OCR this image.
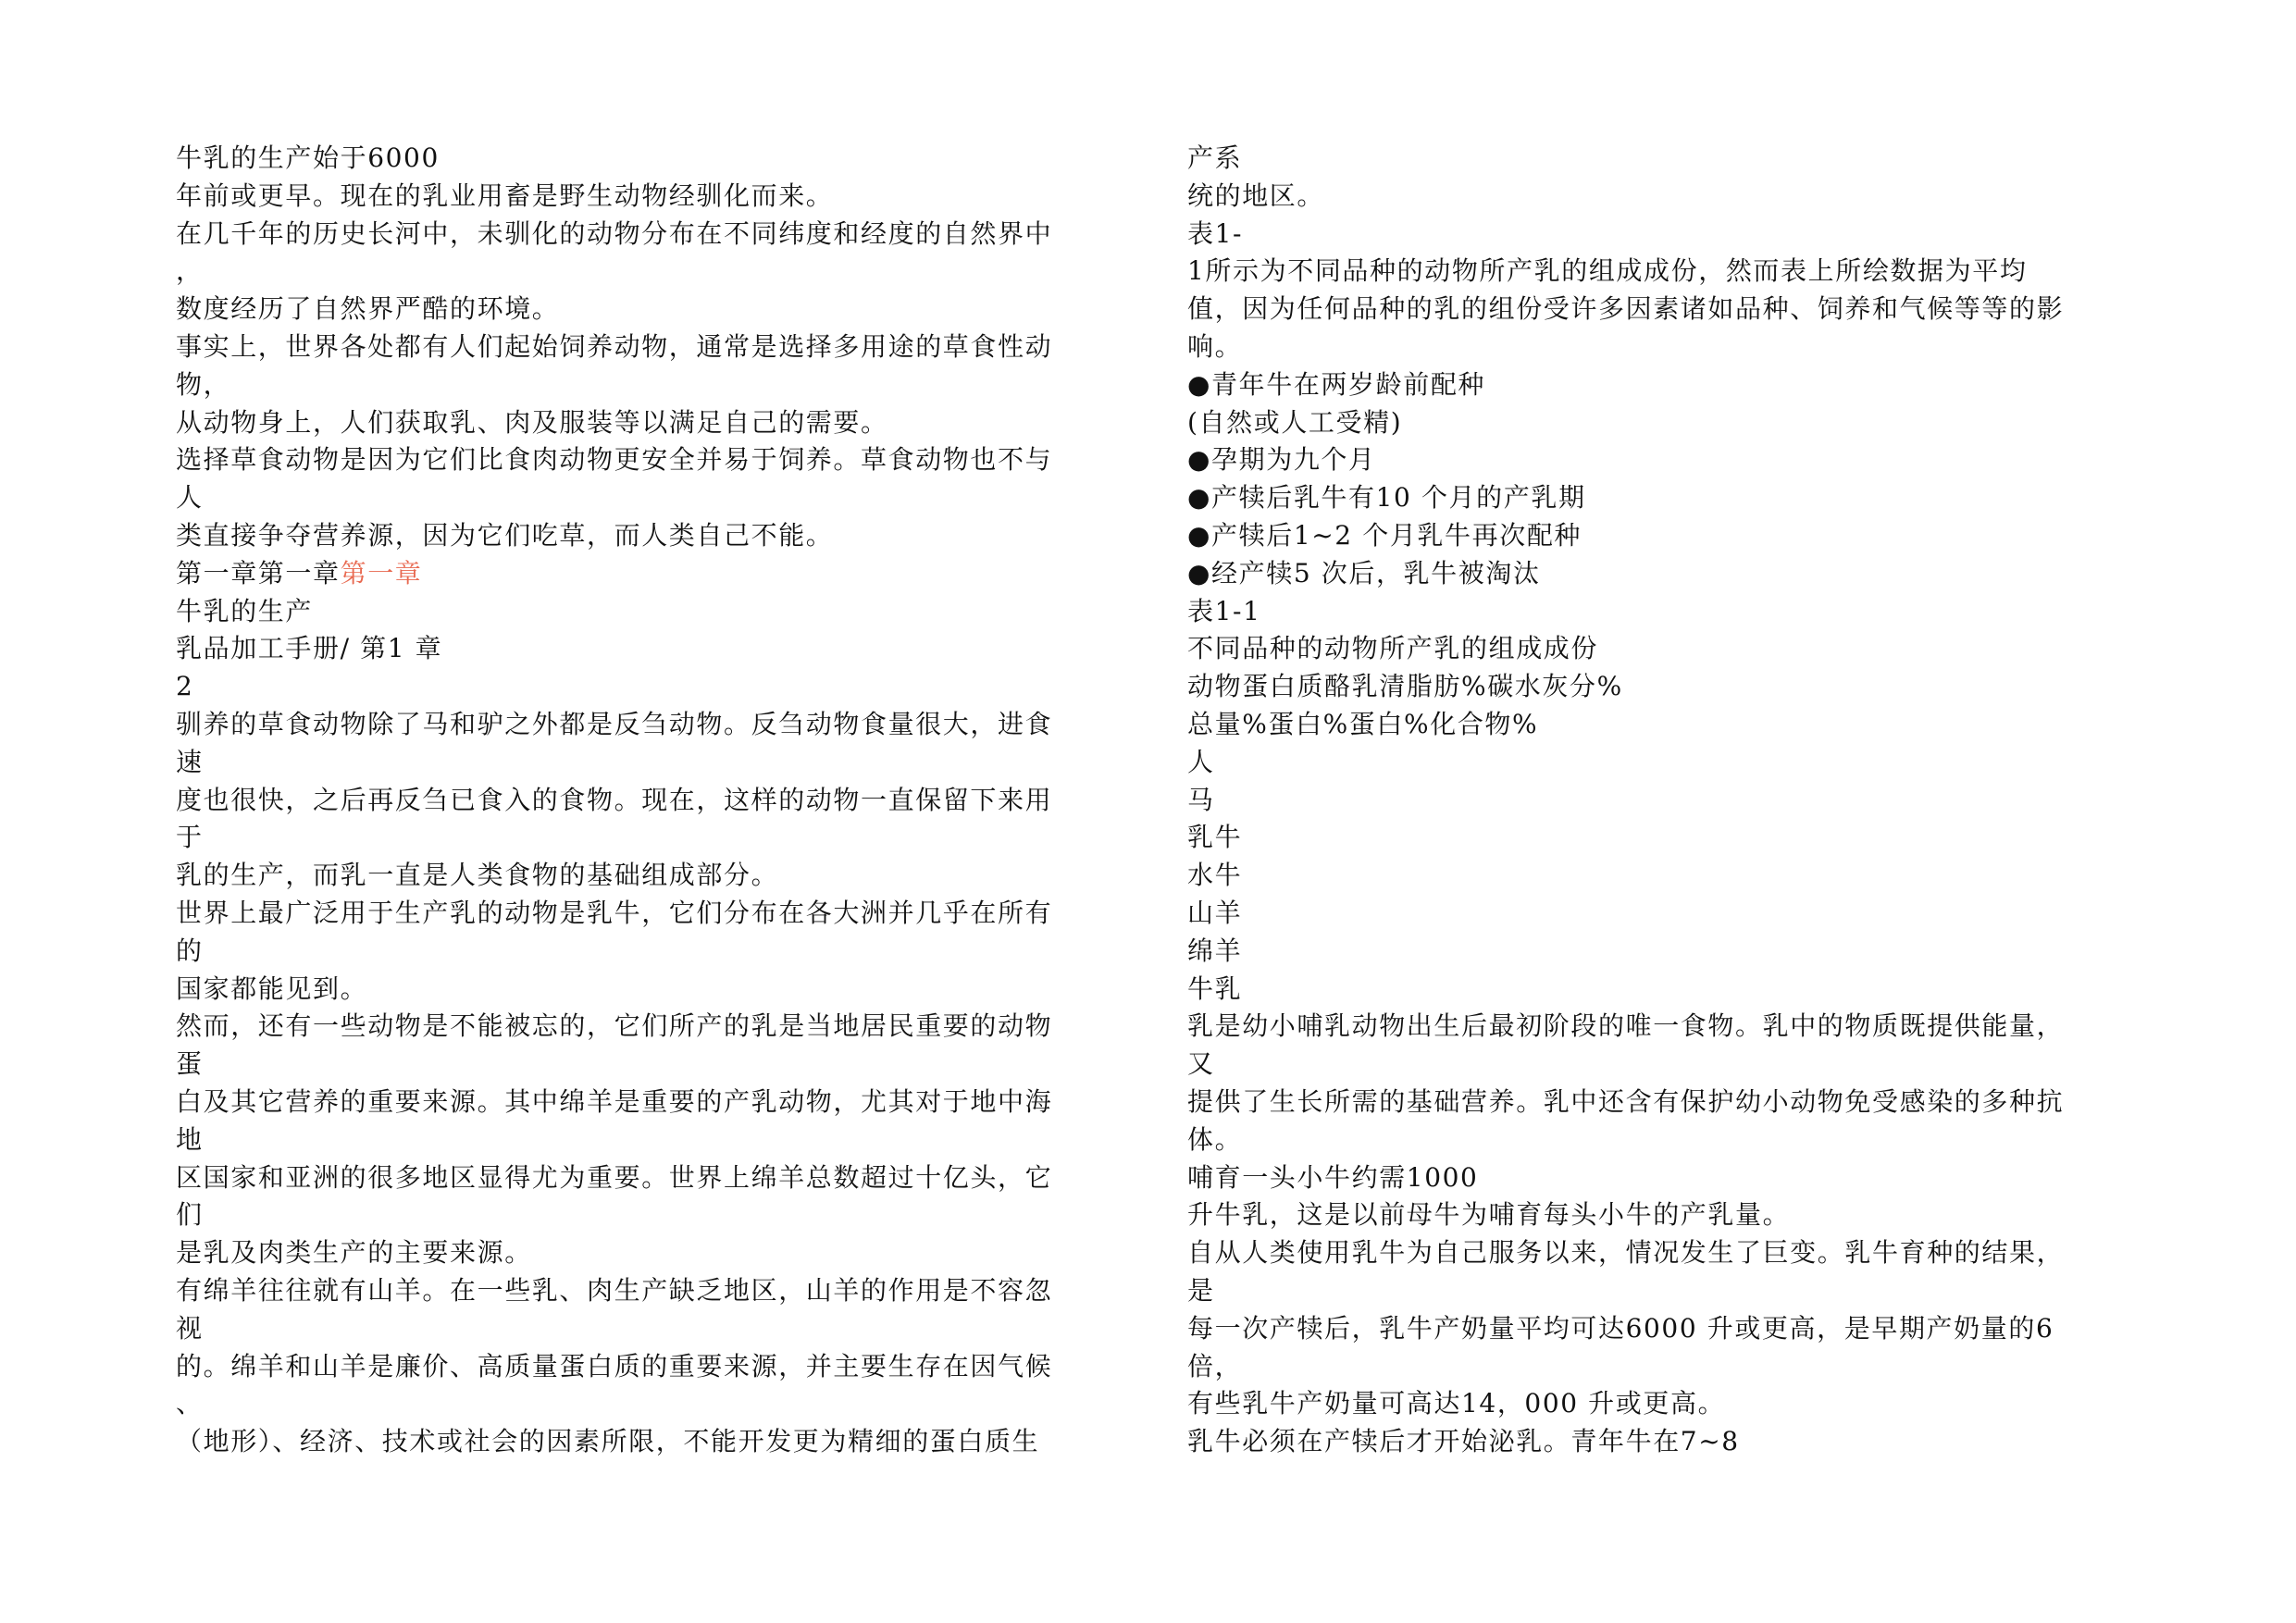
牛乳的生产始于6000
年前或更早。现在的乳业用畜是野生动物经驯化而来。
在几千年的历史长河中，未驯化的动物分布在不同纬度和经度的自然界中
，
数度经历了自然界严酷的环境。
事实上，世界各处都有人们起始饲养动物，通常是选择多用途的草食性动
物，
从动物身上，人们获取乳、肉及服装等以满足自己的需要。
选择草食动物是因为它们比食肉动物更安全并易于饲养。草食动物也不与
人
类直接争夺营养源，因为它们吃草，而人类自己不能。
第一章第一章第一章
牛乳的生产
乳品加工手册/ 第1 章
2
驯养的草食动物除了马和驴之外都是反刍动物。反刍动物食量很大，进食
速
度也很快，之后再反刍已食入的食物。现在，这样的动物一直保留下来用
于
乳的生产，而乳一直是人类食物的基础组成部分。
世界上最广泛用于生产乳的动物是乳牛，它们分布在各大洲并几乎在所有
的
国家都能见到。
然而，还有一些动物是不能被忘的，它们所产的乳是当地居民重要的动物
蛋
白及其它营养的重要来源。其中绵羊是重要的产乳动物，尤其对于地中海
地
区国家和亚洲的很多地区显得尤为重要。世界上绵羊总数超过十亿头，它
们
是乳及肉类生产的主要来源。
有绵羊往往就有山羊。在一些乳、肉生产缺乏地区，山羊的作用是不容忽
视
的。绵羊和山羊是廉价、高质量蛋白质的重要来源，并主要生存在因气候
、
（地形）、经济、技术或社会的因素所限，不能开发更为精细的蛋白质生
产系
统的地区。
表1-
1所示为不同品种的动物所产乳的组成成份，然而表上所绘数据为平均
值，因为任何品种的乳的组份受许多因素诸如品种、饲养和气候等等的影
响。
●青年牛在两岁龄前配种
(自然或人工受精)
●孕期为九个月
●产犊后乳牛有10 个月的产乳期
●产犊后1~2 个月乳牛再次配种
●经产犊5 次后，乳牛被淘汰
表1-1
不同品种的动物所产乳的组成成份
动物蛋白质酪乳清脂肪%碳水灰分%
总量%蛋白%蛋白%化合物%
人
马
乳牛
水牛
山羊
绵羊
牛乳
乳是幼小哺乳动物出生后最初阶段的唯一食物。乳中的物质既提供能量，
又
提供了生长所需的基础营养。乳中还含有保护幼小动物免受感染的多种抗
体。
哺育一头小牛约需1000
升牛乳，这是以前母牛为哺育每头小牛的产乳量。
自从人类使用乳牛为自己服务以来，情况发生了巨变。乳牛育种的结果，
是
每一次产犊后，乳牛产奶量平均可达6000 升或更高，是早期产奶量的6
倍，
有些乳牛产奶量可高达14，000 升或更高。
乳牛必须在产犊后才开始泌乳。青年牛在7~8
